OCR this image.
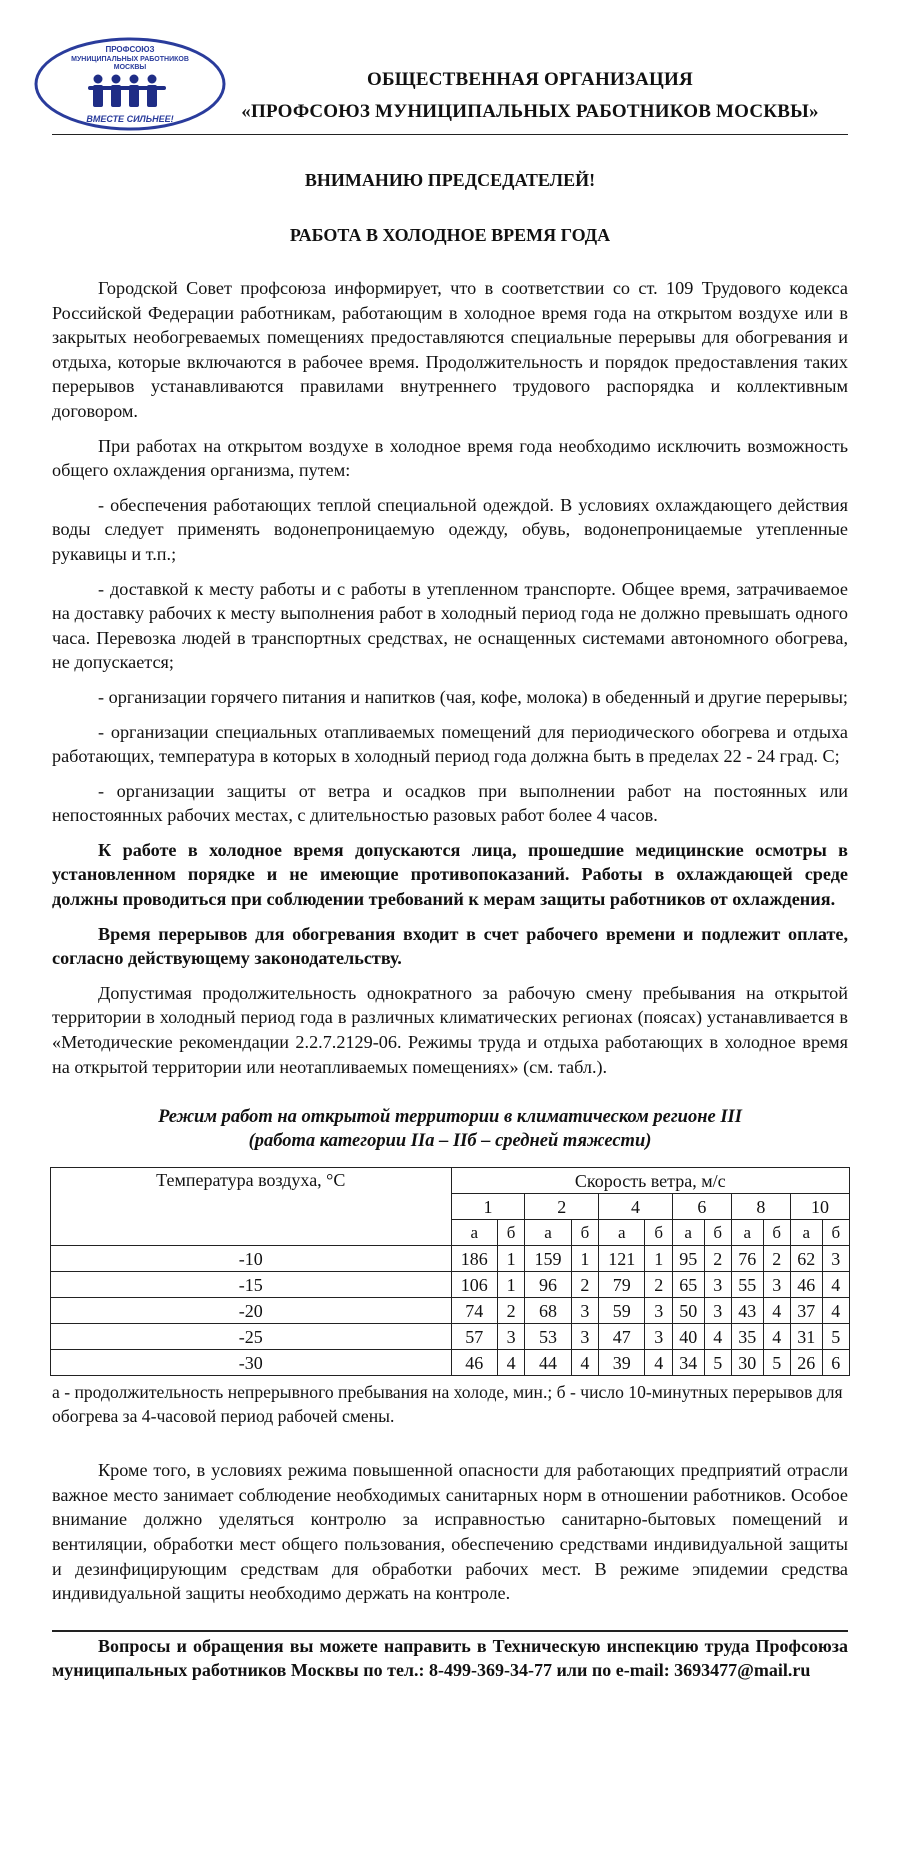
ПРОФСОЮЗ
МУНИЦИПАЛЬНЫХ РАБОТНИКОВ
МОСКВЫ
ВМЕСТЕ СИЛЬНЕЕ!
ОБЩЕСТВЕННАЯ ОРГАНИЗАЦИЯ
«ПРОФСОЮЗ МУНИЦИПАЛЬНЫХ РАБОТНИКОВ МОСКВЫ»
ВНИМАНИЮ ПРЕДСЕДАТЕЛЕЙ!
РАБОТА В ХОЛОДНОЕ ВРЕМЯ ГОДА

Городской Совет профсоюза информирует, что в соответствии со ст. 109 Трудового кодекса Российской Федерации работникам, работающим в холодное время года на открытом воздухе или в закрытых необогреваемых помещениях предоставляются специальные перерывы для обогревания и отдыха, которые включаются в рабочее время. Продолжительность и порядок предоставления таких перерывов устанавливаются правилами внутреннего трудового распорядка и коллективным договором.

При работах на открытом воздухе в холодное время года необходимо исключить возможность общего охлаждения организма, путем:

- обеспечения работающих теплой специальной одеждой. В условиях охлаждающего действия воды следует применять водонепроницаемую одежду, обувь, водонепроницаемые утепленные рукавицы и т.п.;

- доставкой к месту работы и с работы в утепленном транспорте. Общее время, затрачиваемое на доставку рабочих к месту выполнения работ в холодный период года не должно превышать одного часа. Перевозка людей в транспортных средствах, не оснащенных системами автономного обогрева, не допускается;

- организации горячего питания и напитков (чая, кофе, молока) в обеденный и другие перерывы;

- организации специальных отапливаемых помещений для периодического обогрева и отдыха работающих, температура в которых в холодный период года должна быть в пределах 22 - 24 град. С;

- организации защиты от ветра и осадков при выполнении работ на постоянных или непостоянных рабочих местах, с длительностью разовых работ более 4 часов.

К работе в холодное время допускаются лица, прошедшие медицинские осмотры в установленном порядке и не имеющие противопоказаний. Работы в охлаждающей среде должны проводиться при соблюдении требований к мерам защиты работников от охлаждения.

Время перерывов для обогревания входит в счет рабочего времени и подлежит оплате, согласно действующему законодательству.

Допустимая продолжительность однократного за рабочую смену пребывания на открытой территории в холодный период года в различных климатических регионах (поясах) устанавливается в «Методические рекомендации 2.2.7.2129-06. Режимы труда и отдыха работающих в холодное время на открытой территории или неотапливаемых помещениях» (см. табл.).

Режим работ на открытой территории в климатическом регионе III
(работа категории IIа – IIб – средней тяжести)
Температура воздуха, °С	Скорость ветра, м/с											
	1		2		4		6		8		10	
	а	б	а	б	а	б	а	б	а	б	а	б
-10	186	1	159	1	121	1	95	2	76	2	62	3
-15	106	1	96	2	79	2	65	3	55	3	46	4
-20	74	2	68	3	59	3	50	3	43	4	37	4
-25	57	3	53	3	47	3	40	4	35	4	31	5
-30	46	4	44	4	39	4	34	5	30	5	26	6
а - продолжительность непрерывного пребывания на холоде, мин.; б - число 10-минутных перерывов для обогрева за 4-часовой период рабочей смены.

Кроме того, в условиях режима повышенной опасности для работающих предприятий отрасли важное место занимает соблюдение необходимых санитарных норм в отношении работников. Особое внимание должно уделяться контролю за исправностью санитарно-бытовых помещений и вентиляции, обработки мест общего пользования, обеспечению средствами индивидуальной защиты и дезинфицирующим средствам для обработки рабочих мест. В режиме эпидемии средства индивидуальной защиты необходимо держать на контроле.

Вопросы и обращения вы можете направить в Техническую инспекцию труда Профсоюза муниципальных работников Москвы по тел.: 8-499-369-34-77 или по e-mail: 3693477@mail.ru
